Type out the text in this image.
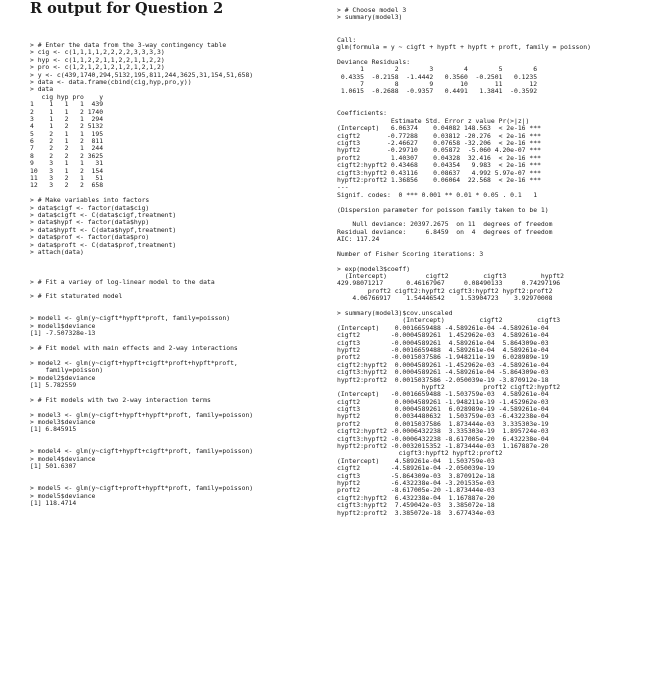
R output for Question 2
> # Enter the data from the 3-way contingency table
> cig <- c(1,1,1,1,2,2,2,2,3,3,3,3)
> hyp <- c(1,1,2,2,1,1,2,2,1,1,2,2)
> pro <- c(1,2,1,2,1,2,1,2,1,2,1,2)
> y <- c(439,1740,294,5132,195,811,244,3625,31,154,51,658)
> data <- data.frame(cbind(cig,hyp,pro,y))
> data
cig hyp pro    y
1    1   1   1  439
2    1   1   2 1740
3    1   2   1  294
4    1   2   2 5132
5    2   1   1  195
6    2   1   2  811
7    2   2   1  244
8    2   2   2 3625
9    3   1   1   31
10   3   1   2  154
11   3   2   1   51
12   3   2   2  658
> # Make variables into factors
> data$cigf <- factor(data$cig)
> data$cigft <- C(data$cigf,treatment)
> data$hypf <- factor(data$hyp)
> data$hypft <- C(data$hypf,treatment)
> data$prof <- factor(data$pro)
> data$proft <- C(data$prof,treatment)
> attach(data)
> # Fit a variey of log-linear model to the data
> # Fit staturated model
> model1 <- glm(y~cigft*hypft*proft, family=poisson)
> model1$deviance
[1] -7.507328e-13
> # Fit model with main effects and 2-way interactions
> model2 <- glm(y~cigft+hypft+cigft*proft+hypft*proft,
family=poisson)
> model2$deviance
[1] 5.782559
> # Fit models with two 2-way interaction terms
> model3 <- glm(y~cigft+hypft+hypft*proft, family=poisson)
> model3$deviance
[1] 6.845915
> model4 <- glm(y~cigft+hypft+cigft*proft, family=poisson)
> model4$deviance
[1] 501.6307
> model5 <- glm(y~cigft+proft+hypft*proft, family=poisson)
> model5$deviance
[1] 118.4714
> # Choose model 3
> summary(model3)
Call:
glm(formula = y ~ cigft + hypft + hypft + proft, family = poisson)
Deviance Residuals:
1        2        3        4        5        6
0.4335  -0.2158  -1.4442   0.3560  -0.2501   0.1235
7        8        9       10       11       12
1.0615  -0.2688  -0.9357   0.4491   1.3841  -0.3592
Coefficients:
Estimate Std. Error z value Pr(>|z|)
(Intercept)   6.06374    0.04082 148.563  < 2e-16 ***
cigft2       -0.77288    0.03812 -20.276  < 2e-16 ***
cigft3       -2.46627    0.07658 -32.206  < 2e-16 ***
hypft2       -0.29710    0.05872  -5.060 4.20e-07 ***
proft2        1.40307    0.04328  32.416  < 2e-16 ***
cigft2:hypft2 0.43468    0.04354   9.983  < 2e-16 ***
cigft3:hypft2 0.43116    0.08637   4.992 5.97e-07 ***
hypft2:proft2 1.36856    0.06064  22.568  < 2e-16 ***
---
Signif. codes:  0 *** 0.001 ** 0.01 * 0.05 . 0.1   1
(Dispersion parameter for poisson family taken to be 1)
Null deviance: 20397.2675  on 11  degrees of freedom
Residual deviance:     6.8459  on  4  degrees of freedom
AIC: 117.24
Number of Fisher Scoring iterations: 3
> exp(model3$coeff)
(Intercept)          cigft2         cigft3         hypft2
429.98071217      0.46167967     0.08490133     0.74297196
proft2 cigft2:hypft2 cigft3:hypft2 hypft2:proft2
4.06766917    1.54446542    1.53904723    3.92970008
> summary(model3)$cov.unscaled
(Intercept)         cigft2         cigft3
(Intercept)    0.0016659488 -4.589261e-04 -4.589261e-04
cigft2        -0.0004589261  1.452962e-03  4.589261e-04
cigft3        -0.0004589261  4.589261e-04  5.864309e-03
hypft2        -0.0016659488  4.589261e-04  4.589261e-04
proft2        -0.0015037586 -1.948211e-19  6.028989e-19
cigft2:hypft2  0.0004589261 -1.452962e-03 -4.589261e-04
cigft3:hypft2  0.0004589261 -4.589261e-04 -5.864309e-03
hypft2:proft2  0.0015037586 -2.050039e-19 -3.870912e-18
hypft2          proft2 cigft2:hypft2
(Intercept)   -0.0016659488 -1.503759e-03  4.589261e-04
cigft2         0.0004589261 -1.948211e-19 -1.452962e-03
cigft3         0.0004589261  6.028989e-19 -4.589261e-04
hypft2         0.0034480632  1.503759e-03 -6.432238e-04
proft2         0.0015037586  1.873444e-03  3.335303e-19
cigft2:hypft2 -0.0006432238  3.335303e-19  1.895724e-03
cigft3:hypft2 -0.0006432238 -8.617005e-20  6.432238e-04
hypft2:proft2 -0.0032015352 -1.873444e-03  1.167887e-20
cigft3:hypft2 hypft2:proft2
(Intercept)    4.589261e-04  1.503759e-03
cigft2        -4.589261e-04 -2.050039e-19
cigft3        -5.864309e-03  3.870912e-18
hypft2        -6.432238e-04 -3.201535e-03
proft2        -8.617005e-20 -1.873444e-03
cigft2:hypft2  6.432238e-04  1.167887e-20
cigft3:hypft2  7.459042e-03  3.385072e-18
hypft2:proft2  3.385072e-18  3.677434e-03
